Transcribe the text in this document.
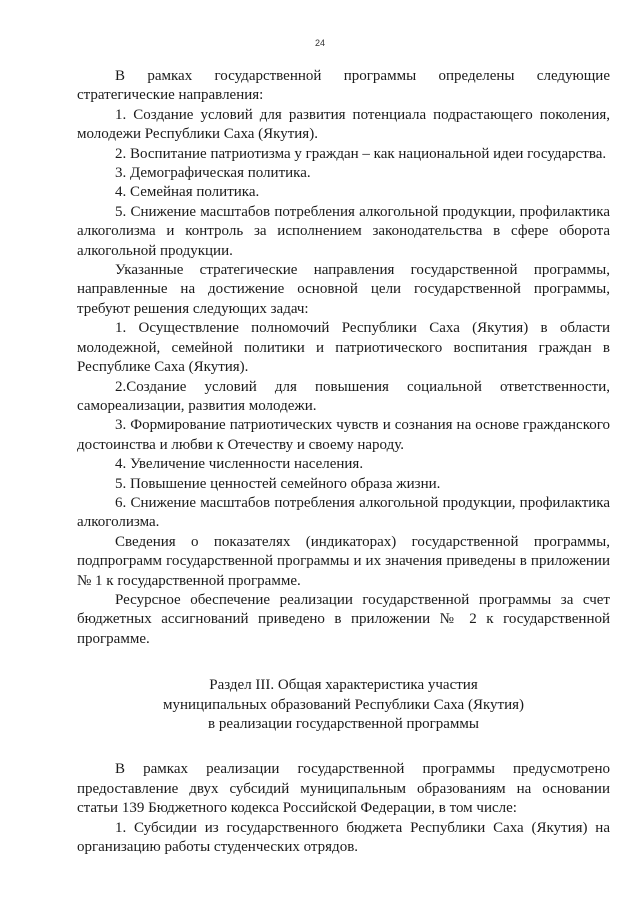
24

В рамках государственной программы определены следующие стратегические направления:

1. Создание условий для развития потенциала подрастающего поколения, молодежи Республики Саха (Якутия).

2. Воспитание патриотизма у граждан – как национальной идеи государства.

3. Демографическая политика.

4. Семейная политика.

5. Снижение масштабов потребления алкогольной продукции, профилактика алкоголизма и контроль за исполнением законодательства в сфере оборота алкогольной продукции.

Указанные стратегические направления государственной программы, направленные на достижение основной цели государственной программы, требуют решения следующих задач:

1. Осуществление полномочий Республики Саха (Якутия) в области молодежной, семейной политики и патриотического воспитания граждан в Республике Саха (Якутия).

2.Создание условий для повышения социальной ответственности, самореализации, развития молодежи.

3. Формирование патриотических чувств и сознания на основе гражданского достоинства и любви к Отечеству и своему народу.

4. Увеличение численности населения.

5. Повышение ценностей семейного образа жизни.

6. Снижение масштабов потребления алкогольной продукции, профилактика алкоголизма.

Сведения о показателях (индикаторах) государственной программы, подпрограмм государственной программы и их значения приведены в приложении № 1 к государственной программе.

Ресурсное обеспечение реализации государственной программы за счет бюджетных ассигнований приведено в приложении № 2 к государственной программе.

Раздел III. Общая характеристика участия
муниципальных образований Республики Саха (Якутия)
в реализации государственной программы

В рамках реализации государственной программы предусмотрено предоставление двух субсидий муниципальным образованиям на основании статьи 139 Бюджетного кодекса Российской Федерации, в том числе:

1. Субсидии из государственного бюджета Республики Саха (Якутия) на организацию работы студенческих отрядов.
